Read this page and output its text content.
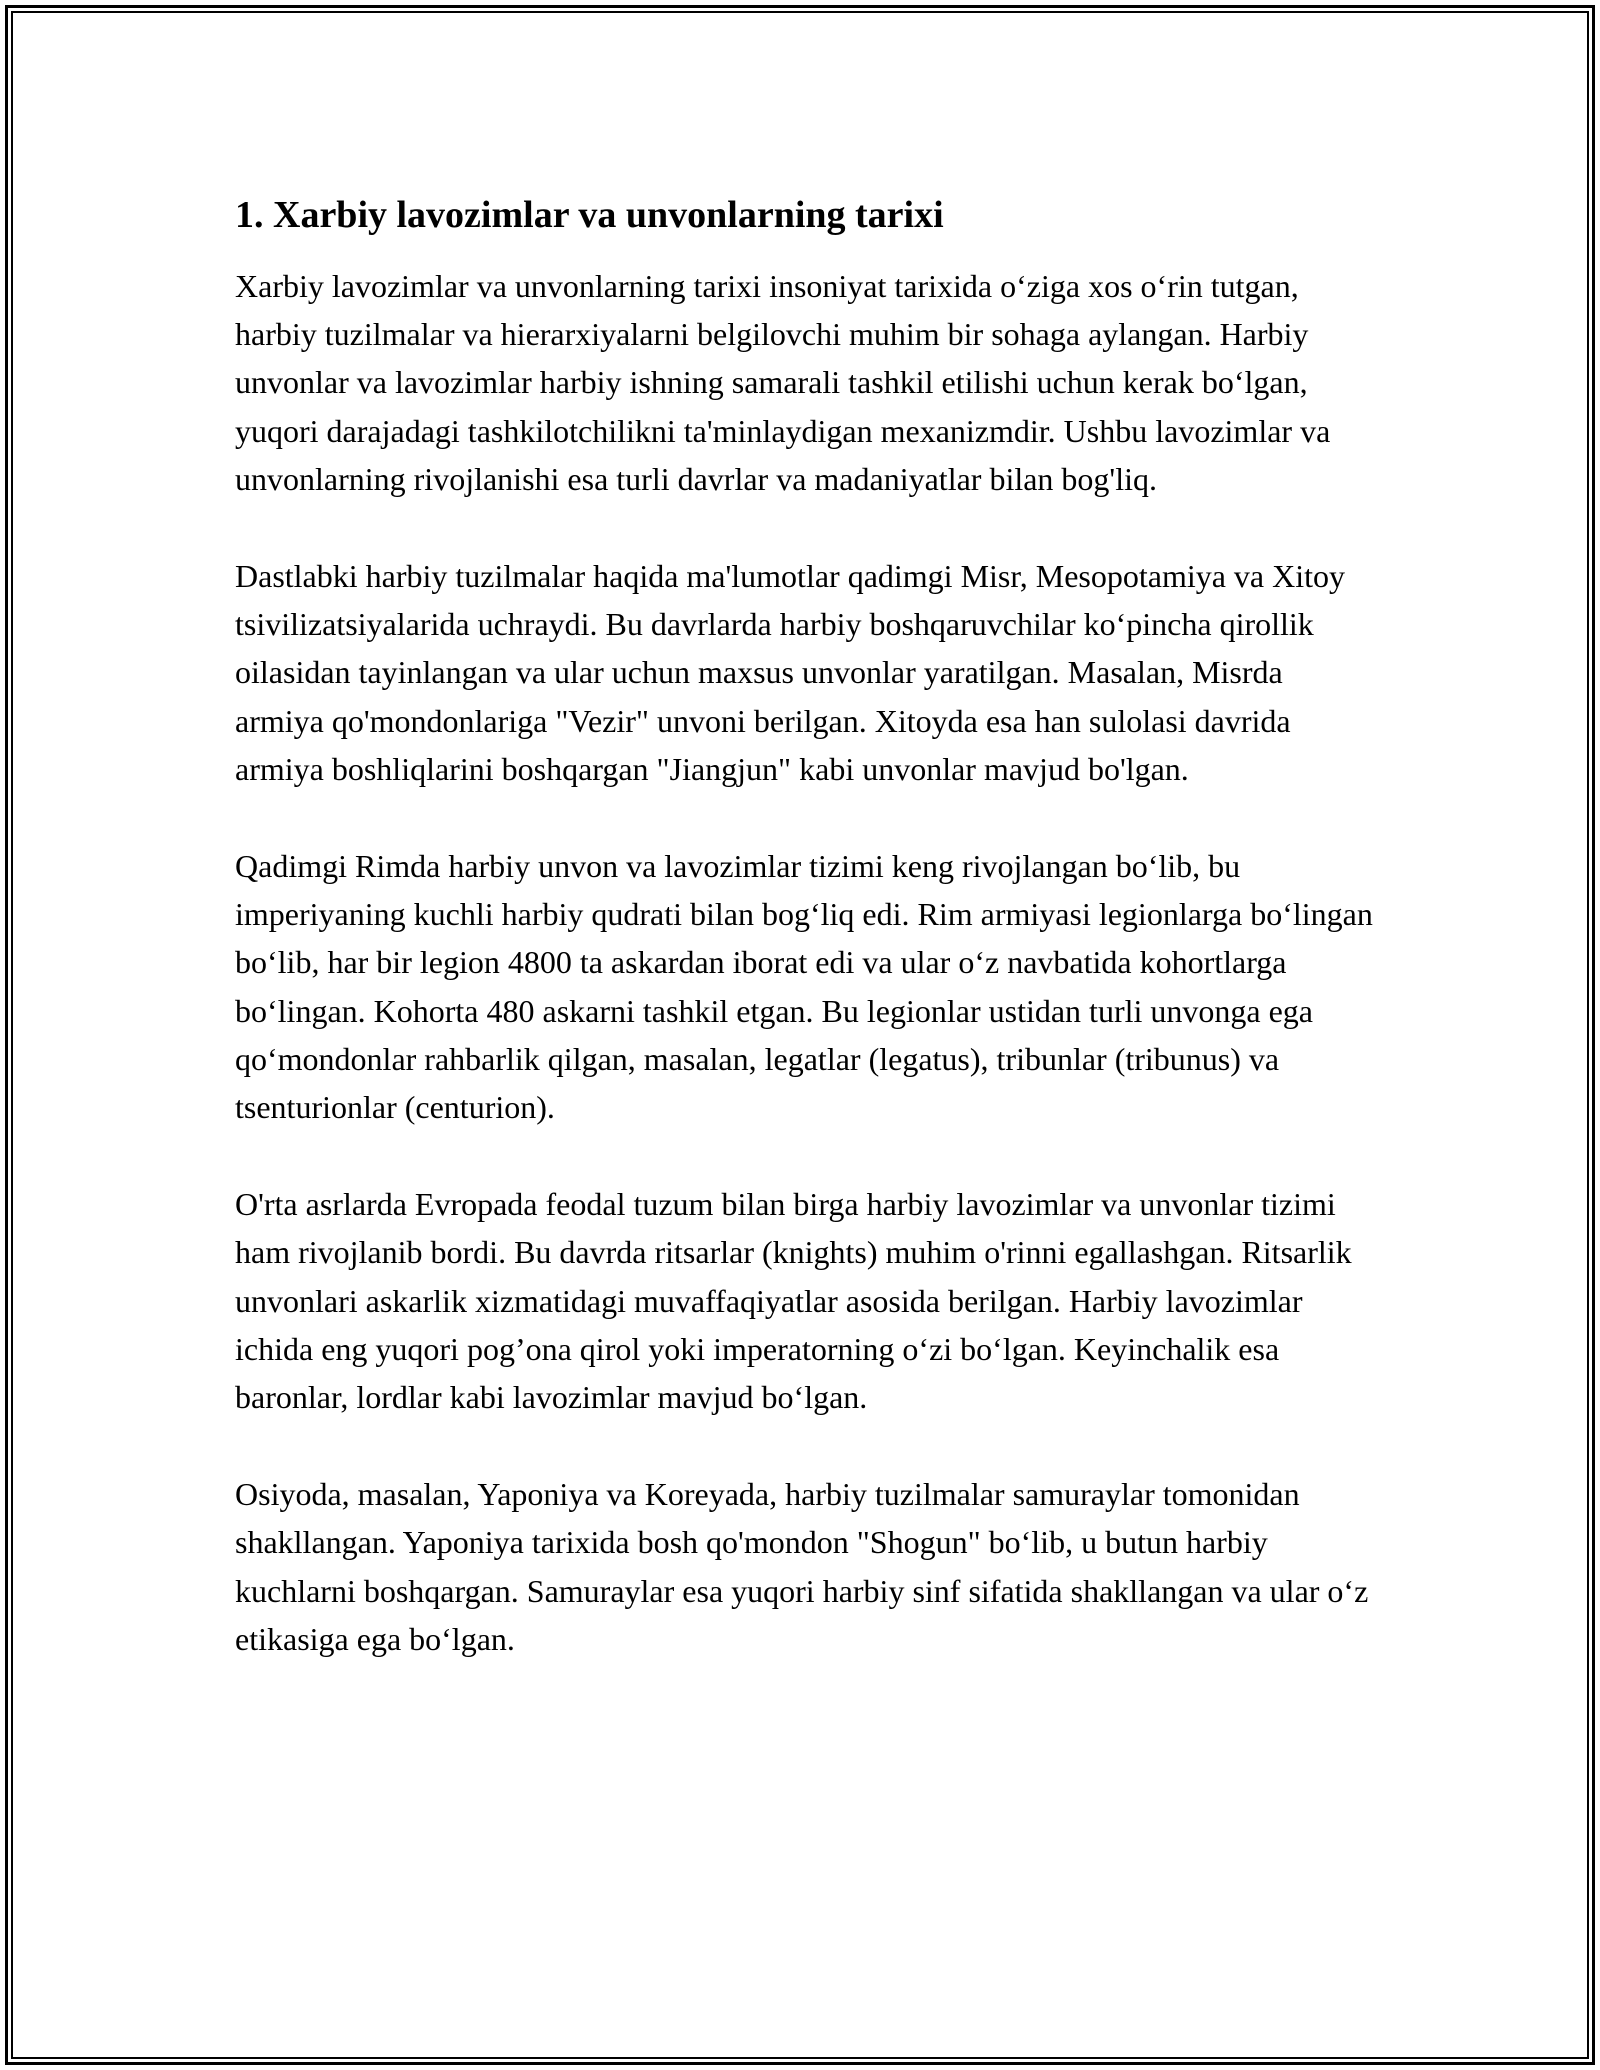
1. Xarbiy lavozimlar va unvonlarning tarixi

Xarbiy lavozimlar va unvonlarning tarixi insoniyat tarixida o‘ziga xos o‘rin tutgan, harbiy tuzilmalar va hierarxiyalarni belgilovchi muhim bir sohaga aylangan. Harbiy unvonlar va lavozimlar harbiy ishning samarali tashkil etilishi uchun kerak bo‘lgan, yuqori darajadagi tashkilotchilikni ta'minlaydigan mexanizmdir. Ushbu lavozimlar va unvonlarning rivojlanishi esa turli davrlar va madaniyatlar bilan bog'liq.

Dastlabki harbiy tuzilmalar haqida ma'lumotlar qadimgi Misr, Mesopotamiya va Xitoy tsivilizatsiyalarida uchraydi. Bu davrlarda harbiy boshqaruvchilar ko‘pincha qirollik oilasidan tayinlangan va ular uchun maxsus unvonlar yaratilgan. Masalan, Misrda armiya qo'mondonlariga "Vezir" unvoni berilgan. Xitoyda esa han sulolasi davrida armiya boshliqlarini boshqargan "Jiangjun" kabi unvonlar mavjud bo'lgan.

Qadimgi Rimda harbiy unvon va lavozimlar tizimi keng rivojlangan bo‘lib, bu imperiyaning kuchli harbiy qudrati bilan bog‘liq edi. Rim armiyasi legionlarga bo‘lingan bo‘lib, har bir legion 4800 ta askardan iborat edi va ular o‘z navbatida kohortlarga bo‘lingan. Kohorta 480 askarni tashkil etgan. Bu legionlar ustidan turli unvonga ega qo‘mondonlar rahbarlik qilgan, masalan, legatlar (legatus), tribunlar (tribunus) va tsenturionlar (centurion).

O'rta asrlarda Evropada feodal tuzum bilan birga harbiy lavozimlar va unvonlar tizimi ham rivojlanib bordi. Bu davrda ritsarlar (knights) muhim o'rinni egallashgan. Ritsarlik unvonlari askarlik xizmatidagi muvaffaqiyatlar asosida berilgan. Harbiy lavozimlar ichida eng yuqori pog’ona qirol yoki imperatorning o‘zi bo‘lgan. Keyinchalik esa baronlar, lordlar kabi lavozimlar mavjud bo‘lgan.

Osiyoda, masalan, Yaponiya va Koreyada, harbiy tuzilmalar samuraylar tomonidan shakllangan. Yaponiya tarixida bosh qo'mondon "Shogun" bo‘lib, u butun harbiy kuchlarni boshqargan. Samuraylar esa yuqori harbiy sinf sifatida shakllangan va ular o‘z etikasiga ega bo‘lgan.
